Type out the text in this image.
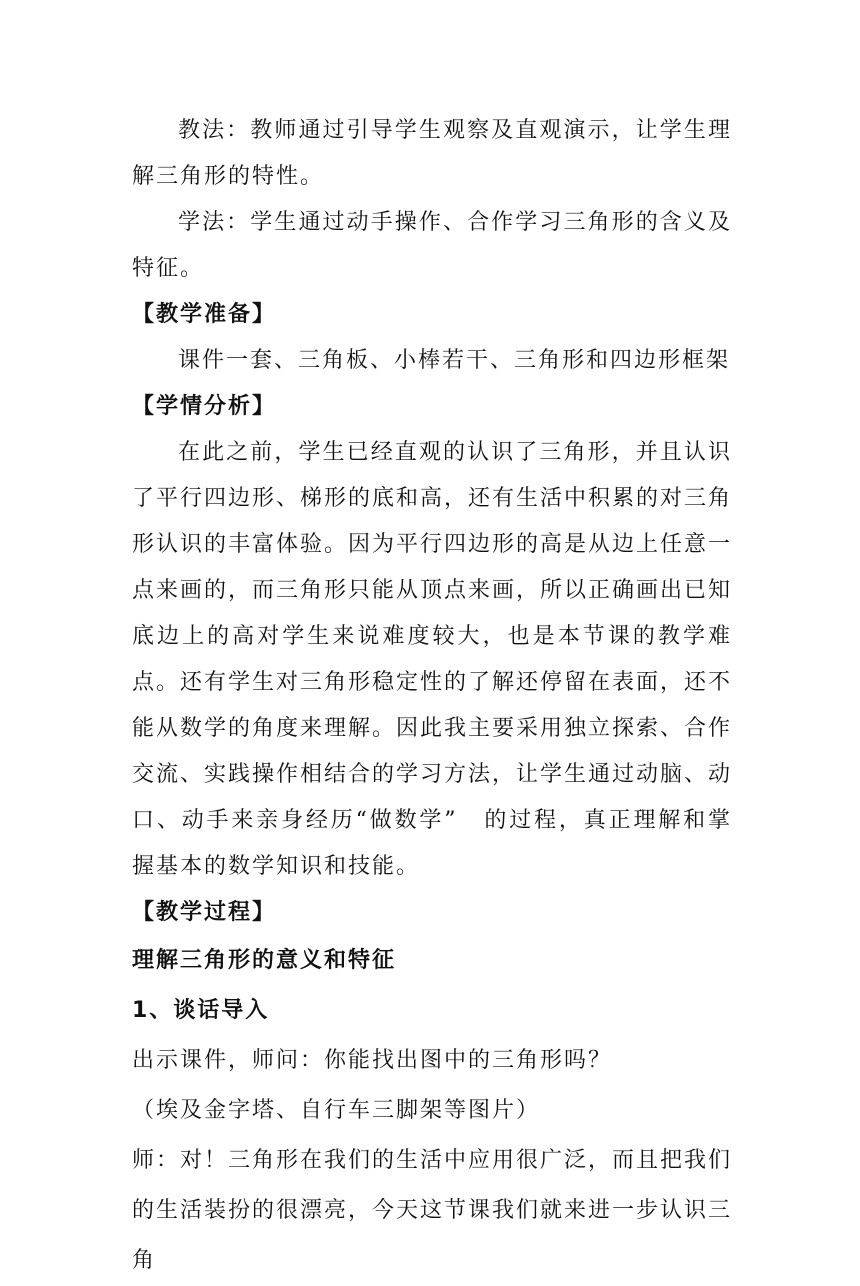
教法：教师通过引导学生观察及直观演示，让学生理解三角形的特性。

学法：学生通过动手操作、合作学习三角形的含义及特征。

【教学准备】

课件一套、三角板、小棒若干、三角形和四边形框架

【学情分析】

在此之前，学生已经直观的认识了三角形，并且认识了平行四边形、梯形的底和高，还有生活中积累的对三角形认识的丰富体验。因为平行四边形的高是从边上任意一点来画的，而三角形只能从顶点来画，所以正确画出已知底边上的高对学生来说难度较大，也是本节课的教学难点。还有学生对三角形稳定性的了解还停留在表面，还不能从数学的角度来理解。因此我主要采用独立探索、合作交流、实践操作相结合的学习方法，让学生通过动脑、动口、动手来亲身经历“做数学” 的过程，真正理解和掌握基本的数学知识和技能。

【教学过程】

理解三角形的意义和特征

1、谈话导入

出示课件，师问：你能找出图中的三角形吗？

（埃及金字塔、自行车三脚架等图片）

师：对！三角形在我们的生活中应用很广泛，而且把我们的生活装扮的很漂亮，今天这节课我们就来进一步认识三角
